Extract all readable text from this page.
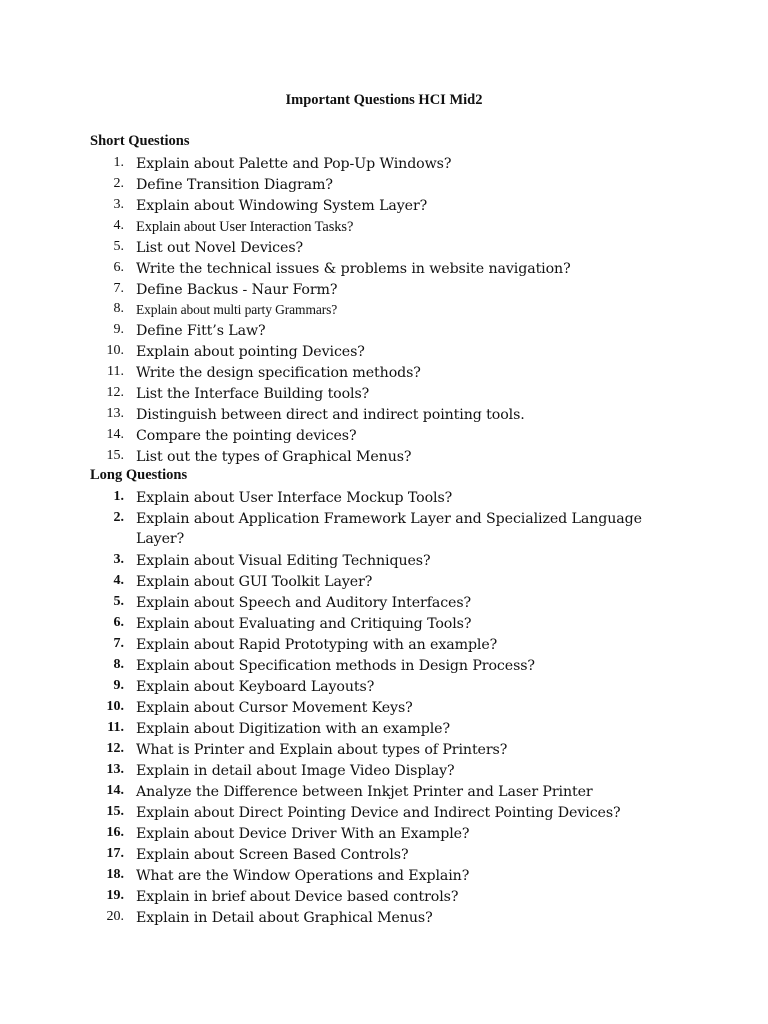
Important Questions HCI Mid2
Short Questions
1. Explain about Palette and Pop-Up Windows?
2. Define Transition Diagram?
3. Explain about Windowing System Layer?
4. Explain about User Interaction Tasks?
5. List out Novel Devices?
6. Write the technical issues & problems in website navigation?
7. Define Backus - Naur Form?
8. Explain about multi party Grammars?
9. Define Fitt’s Law?
10. Explain about pointing Devices?
11. Write the design specification methods?
12. List the Interface Building tools?
13. Distinguish between direct and indirect pointing tools.
14. Compare the pointing devices?
15. List out the types of Graphical Menus?
Long Questions
1. Explain about User Interface Mockup Tools?
2. Explain about Application Framework Layer and Specialized Language Layer?
3. Explain about Visual Editing Techniques?
4. Explain about GUI Toolkit Layer?
5. Explain about Speech and Auditory Interfaces?
6. Explain about Evaluating and Critiquing Tools?
7. Explain about Rapid Prototyping with an example?
8. Explain about Specification methods in Design Process?
9. Explain about Keyboard Layouts?
10. Explain about Cursor Movement Keys?
11. Explain about Digitization with an example?
12. What is Printer and Explain about types of Printers?
13. Explain in detail about Image Video Display?
14. Analyze the Difference between Inkjet Printer and Laser Printer
15. Explain about Direct Pointing Device and Indirect Pointing Devices?
16. Explain about Device Driver With an Example?
17. Explain about Screen Based Controls?
18. What are the Window Operations and Explain?
19. Explain in brief about Device based controls?
20. Explain in Detail about Graphical Menus?
